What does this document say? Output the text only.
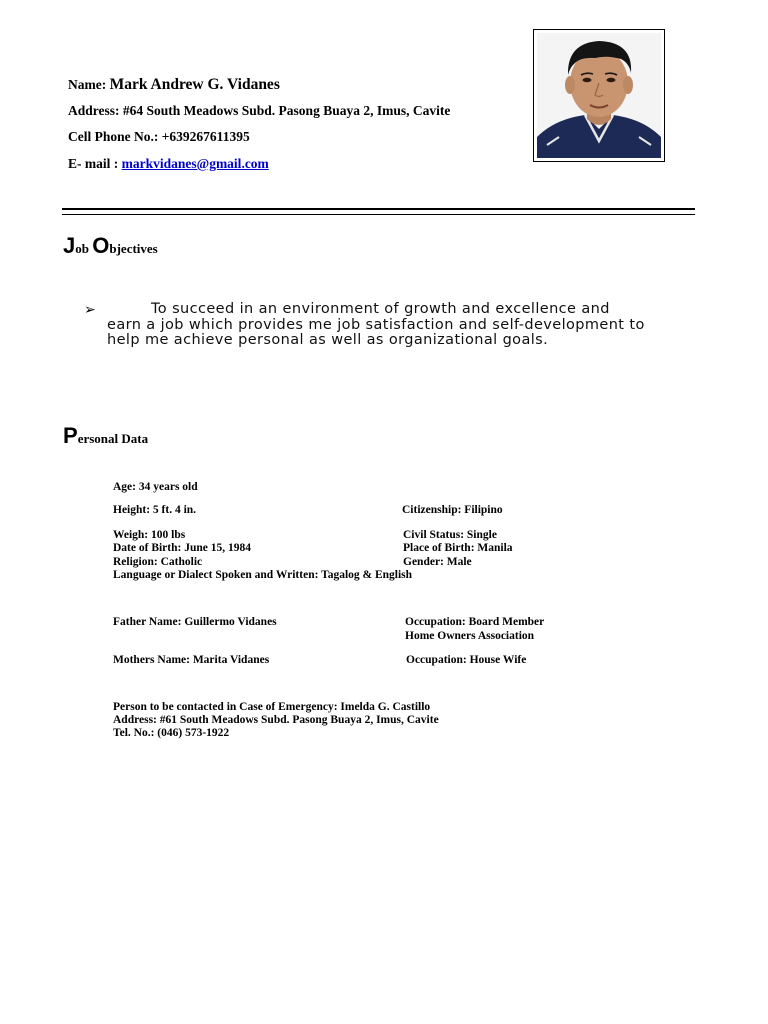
Name: Mark Andrew G. Vidanes
Address: #64 South Meadows Subd. Pasong Buaya 2, Imus, Cavite
Cell Phone No.: +639267611395
E- mail : markvidanes@gmail.com
Job Objectives
➢	To succeed in an environment of growth and excellence and earn a job which provides me job satisfaction and self-development to help me achieve personal as well as organizational goals.
Personal Data
Age: 34 years old
Height: 5 ft. 4 in.	Citizenship: Filipino
Weigh: 100 lbs	Civil Status: Single
Date of Birth: June 15, 1984	Place of Birth: Manila
Religion: Catholic	Gender: Male
Language or Dialect Spoken and Written: Tagalog & English
Father Name: Guillermo Vidanes	Occupation: Board Member
Home Owners Association
Mothers Name: Marita Vidanes	Occupation: House Wife
Person to be contacted in Case of Emergency: Imelda G. Castillo
Address: #61 South Meadows Subd. Pasong Buaya 2, Imus, Cavite
Tel. No.: (046) 573-1922
